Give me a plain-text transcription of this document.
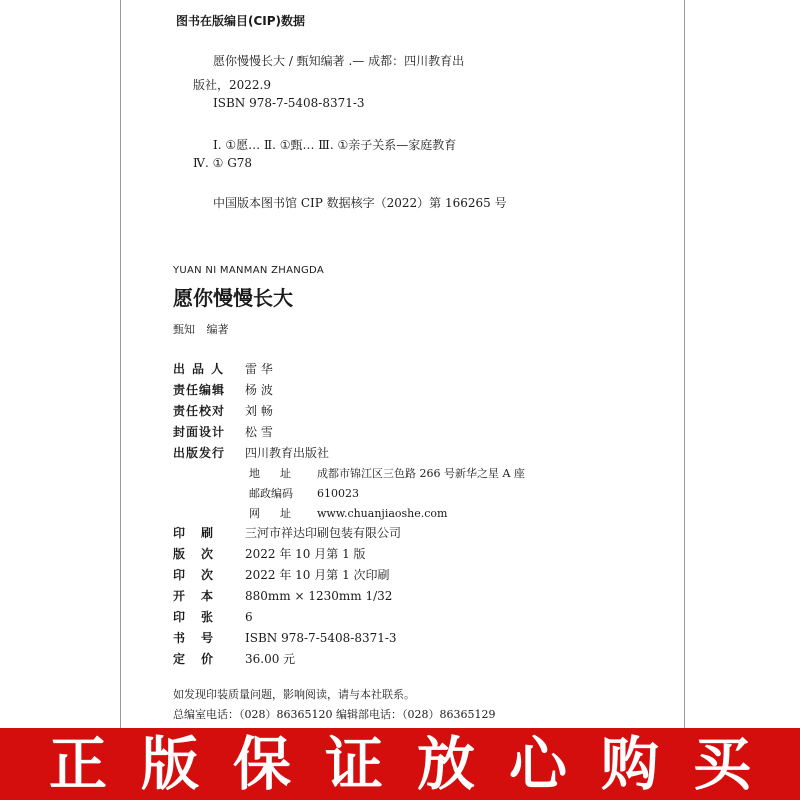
图书在版编目(CIP)数据
愿你慢慢长大 / 甄知编著 .— 成都：四川教育出
版社，2022.9
ISBN 978-7-5408-8371-3
Ⅰ. ①愿… Ⅱ. ①甄… Ⅲ. ①亲子关系—家庭教育
Ⅳ. ① G78
中国版本图书馆 CIP 数据核字（2022）第 166265 号
YUAN NI MANMAN ZHANGDA
愿你慢慢长大
甄知 编著
出品人 雷 华
责任编辑	杨 波
责任校对	刘 畅
封面设计	松 雪
出版发行	四川教育出版社
地址 成都市锦江区三色路 266 号新华之星 A 座
邮政编码	610023
网址 www.chuanjiaoshe.com
印刷	三河市祥达印刷包装有限公司
版次	2022 年 10 月第 1 版
印次	2022 年 10 月第 1 次印刷
开本	880mm × 1230mm 1/32
印张	6
书号	ISBN 978-7-5408-8371-3
定价	36.00 元
如发现印装质量问题，影响阅读，请与本社联系。
总编室电话：（028）86365120 编辑部电话：（028）86365129
正版保证放心购买
